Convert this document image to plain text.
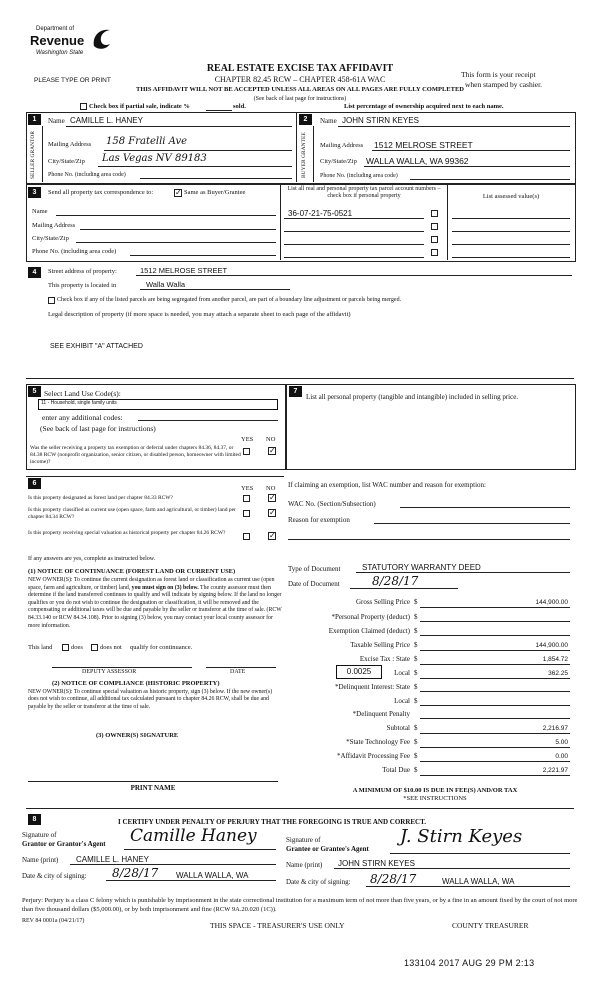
Department of
Revenue
Washington State
PLEASE TYPE OR PRINT
REAL ESTATE EXCISE TAX AFFIDAVIT
CHAPTER 82.45 RCW – CHAPTER 458-61A WAC
THIS AFFIDAVIT WILL NOT BE ACCEPTED UNLESS ALL AREAS ON ALL PAGES ARE FULLY COMPLETED
This form is your receipt
when stamped by cashier.
(See back of last page for instructions)
Check box if partial sale, indicate %	sold.	List percentage of ownership acquired next to each name.
1
SELLER GRANTOR
Name CAMILLE L. HANEY
Mailing Address 158 Fratelli Ave
City/State/Zip Las Vegas NV 89183
Phone No. (including area code)
2
BUYER GRANTEE
Name JOHN STIRN KEYES
Mailing Address 1512 MELROSE STREET
City/State/Zip WALLA WALLA, WA 99362
Phone No. (including area code)
3	Send all property tax correspondence to:	✓ Same as Buyer/Grantee
Name
Mailing Address
City/State/Zip
Phone No. (including area code)
List all real and personal property tax parcel account numbers – check box if personal property	List assessed value(s)
36-07-21-75-0521
4	Street address of property:	1512 MELROSE STREET
This property is located in	Walla Walla
Check box if any of the listed parcels are being segregated from another parcel, are part of a boundary line adjustment or parcels being merged.
Legal description of property (if more space is needed, you may attach a separate sheet to each page of the affidavit)
SEE EXHIBIT "A" ATTACHED
5	Select Land Use Code(s):
11 - Household, single family units
enter any additional codes:
(See back of last page for instructions)
YES NO
Was the seller receiving a property tax exemption or deferral under chapters 84.36, 84.37, or 84.38 RCW (nonprofit organization, senior citizen, or disabled person, homeowner with limited income)?
✓
6
YES NO
Is this property designated as forest land per chapter 84.33 RCW?	✓
Is this property classified as current use (open space, farm and agricultural, or timber) land per chapter 84.34 RCW?	✓
Is this property receiving special valuation as historical property per chapter 84.26 RCW?	✓
If any answers are yes, complete as instructed below.
(1) NOTICE OF CONTINUANCE (FOREST LAND OR CURRENT USE)
NEW OWNER(S): To continue the current designation as forest land or classification as current use (open space, farm and agriculture, or timber) land, you must sign on (3) below. The county assessor must then determine if the land transferred continues to qualify and will indicate by signing below. If the land no longer qualifies or you do not wish to continue the designation or classification, it will be removed and the compensating or additional taxes will be due and payable by the seller or transferor at the time of sale. (RCW 84.33.140 or RCW 84.34.108). Prior to signing (3) below, you may contact your local county assessor for more information.
This land	does	does not qualify for continuance.
DEPUTY ASSESSOR	DATE
(2) NOTICE OF COMPLIANCE (HISTORIC PROPERTY)
NEW OWNER(S): To continue special valuation as historic property, sign (3) below. If the new owner(s) does not wish to continue, all additional tax calculated pursuant to chapter 84.26 RCW, shall be due and payable by the seller or transferor at the time of sale.
(3) OWNER(S) SIGNATURE
PRINT NAME
7
List all personal property (tangible and intangible) included in selling price.
If claiming an exemption, list WAC number and reason for exemption:
WAC No. (Section/Subsection)
Reason for exemption
Type of Document	STATUTORY WARRANTY DEED
Date of Document	8/28/17
Gross Selling Price $	144,900.00
*Personal Property (deduct) $
Exemption Claimed (deduct) $
Taxable Selling Price $	144,900.00
Excise Tax : State $	1,854.72
0.0025	Local $	362.25
*Delinquent Interest: State $
Local $
*Delinquent Penalty
Subtotal $	2,216.97
*State Technology Fee $	5.00
*Affidavit Processing Fee $	0.00
Total Due $	2,221.97
A MINIMUM OF $10.00 IS DUE IN FEE(S) AND/OR TAX
*SEE INSTRUCTIONS
8	I CERTIFY UNDER PENALTY OF PERJURY THAT THE FOREGOING IS TRUE AND CORRECT.
Signature of
Grantor or Grantor's Agent Camille Haney
Name (print) CAMILLE L. HANEY
Date & city of signing: 8/28/17 WALLA WALLA, WA
Signature of
Grantee or Grantee's Agent
J. Stirn Keyes
Name (print) JOHN STIRN KEYES
Date & city of signing: 8/28/17	WALLA WALLA, WA
Perjury: Perjury is a class C felony which is punishable by imprisonment in the state correctional institution for a maximum term of not more than five years, or by a fine in an amount fixed by the court of not more than five thousand dollars ($5,000.00), or by both imprisonment and fine (RCW 9A.20.020 (1C)).
REV 84 0001a (04/21/17)	THIS SPACE - TREASURER'S USE ONLY	COUNTY TREASURER
133104 2017 AUG 29 PM 2:13
